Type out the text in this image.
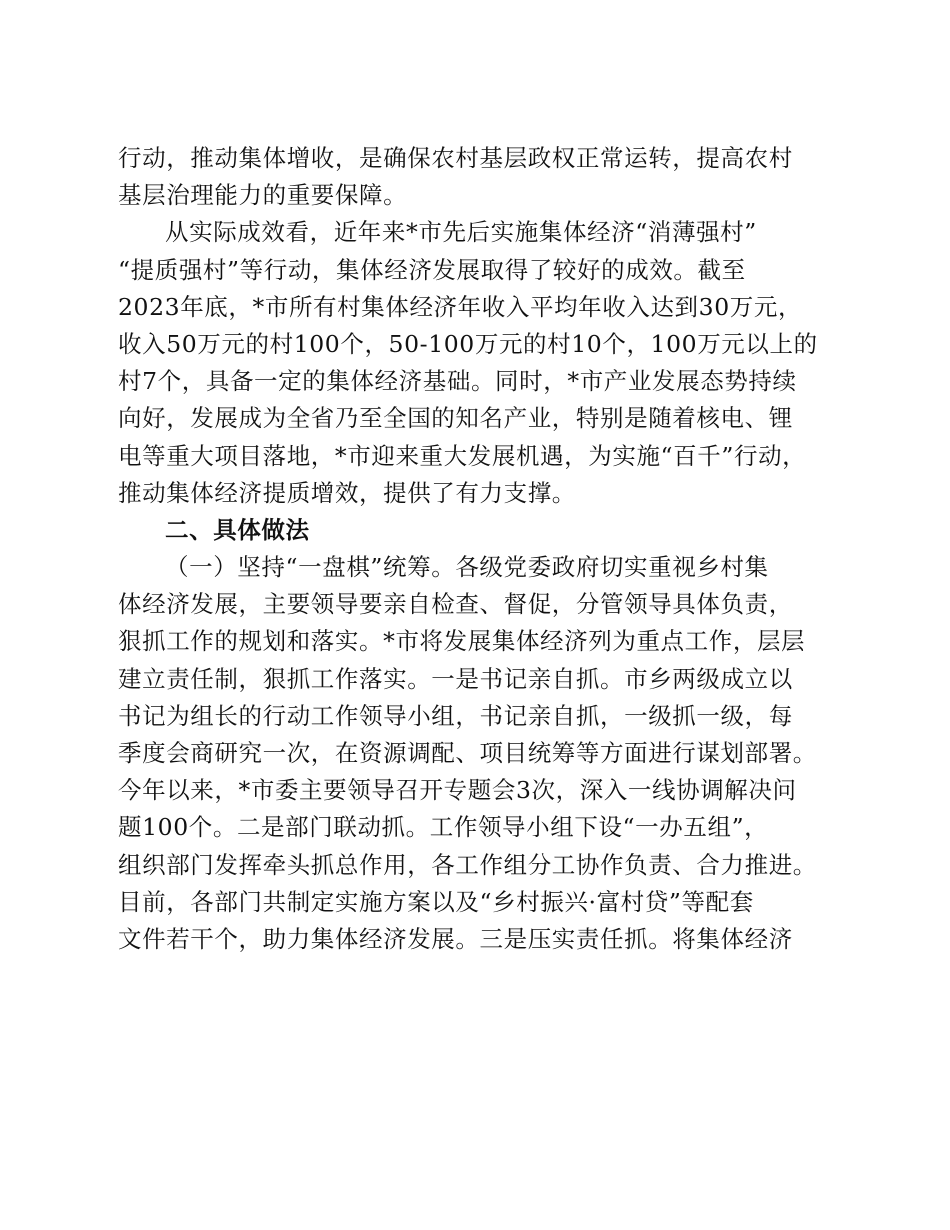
行动，推动集体增收，是确保农村基层政权正常运转，提高农村
基层治理能力的重要保障。
从实际成效看，近年来*市先后实施集体经济“消薄强村”
“提质强村”等行动，集体经济发展取得了较好的成效。截至
2023年底，*市所有村集体经济年收入平均年收入达到30万元，
收入50万元的村100个，50-100万元的村10个，100万元以上的
村7个，具备一定的集体经济基础。同时，*市产业发展态势持续
向好，发展成为全省乃至全国的知名产业，特别是随着核电、锂
电等重大项目落地，*市迎来重大发展机遇，为实施“百千”行动，
推动集体经济提质增效，提供了有力支撑。
二、具体做法
（一）坚持“一盘棋”统筹。各级党委政府切实重视乡村集
体经济发展，主要领导要亲自检查、督促，分管领导具体负责，
狠抓工作的规划和落实。*市将发展集体经济列为重点工作，层层
建立责任制，狠抓工作落实。一是书记亲自抓。市乡两级成立以
书记为组长的行动工作领导小组，书记亲自抓，一级抓一级，每
季度会商研究一次，在资源调配、项目统筹等方面进行谋划部署。
今年以来，*市委主要领导召开专题会3次，深入一线协调解决问
题100个。二是部门联动抓。工作领导小组下设“一办五组”，
组织部门发挥牵头抓总作用，各工作组分工协作负责、合力推进。
目前，各部门共制定实施方案以及“乡村振兴·富村贷”等配套
文件若干个，助力集体经济发展。三是压实责任抓。将集体经济
